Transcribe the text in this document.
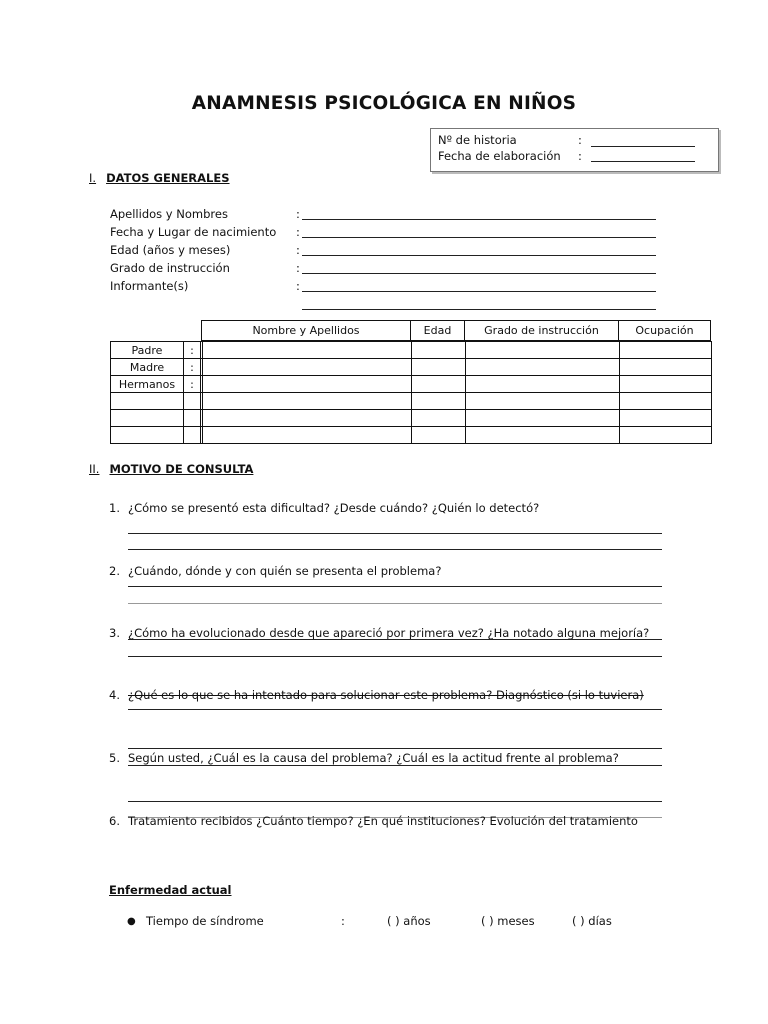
ANAMNESIS PSICOLÓGICA EN NIÑOS
Nº de historia	:
Fecha de elaboración :
I. DATOS GENERALES
Apellidos y Nombres	:
Fecha y Lugar de nacimiento :
Edad (años y meses)	:
Grado de instrucción	:
Informante(s)	:
Nombre y Apellidos	Edad	Grado de instrucción	Ocupación
Padre	:					
Madre	:					
Hermanos	:					

II. MOTIVO DE CONSULTA
1. ¿Cómo se presentó esta dificultad? ¿Desde cuándo? ¿Quién lo detectó?
2. ¿Cuándo, dónde y con quién se presenta el problema?
3. ¿Cómo ha evolucionado desde que apareció por primera vez? ¿Ha notado alguna mejoría?
4. ¿Qué es lo que se ha intentado para solucionar este problema? Diagnóstico (si lo tuviera)
5. Según usted, ¿Cuál es la causa del problema? ¿Cuál es la actitud frente al problema?
6. Tratamiento recibidos ¿Cuánto tiempo? ¿En qué instituciones? Evolución del tratamiento
Enfermedad actual
● Tiempo de síndrome	:	( ) años	( ) meses	( ) días
